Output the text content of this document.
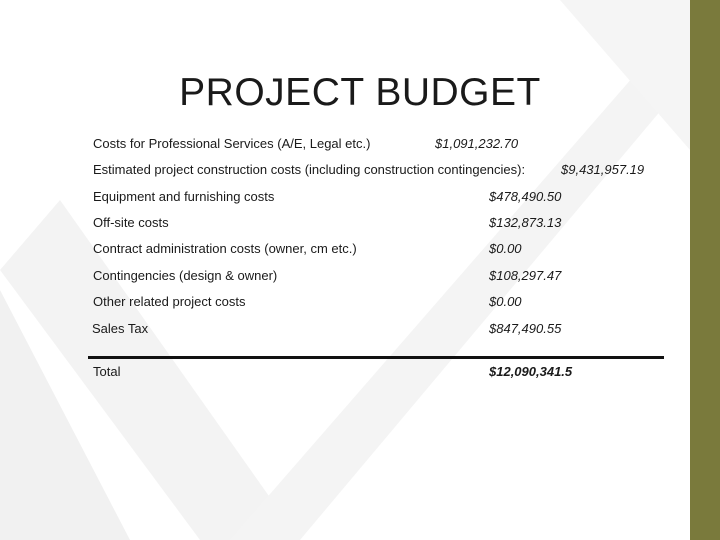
PROJECT BUDGET
Costs for Professional Services (A/E, Legal etc.)	$1,091,232.70
Estimated project construction costs (including construction contingencies):	$9,431,957.19
Equipment and furnishing costs	$478,490.50
Off-site costs	$132,873.13
Contract administration costs (owner, cm etc.)	$0.00
Contingencies (design & owner)	$108,297.47
Other related project costs	$0.00
Sales Tax	$847,490.55
Total	$12,090,341.5
